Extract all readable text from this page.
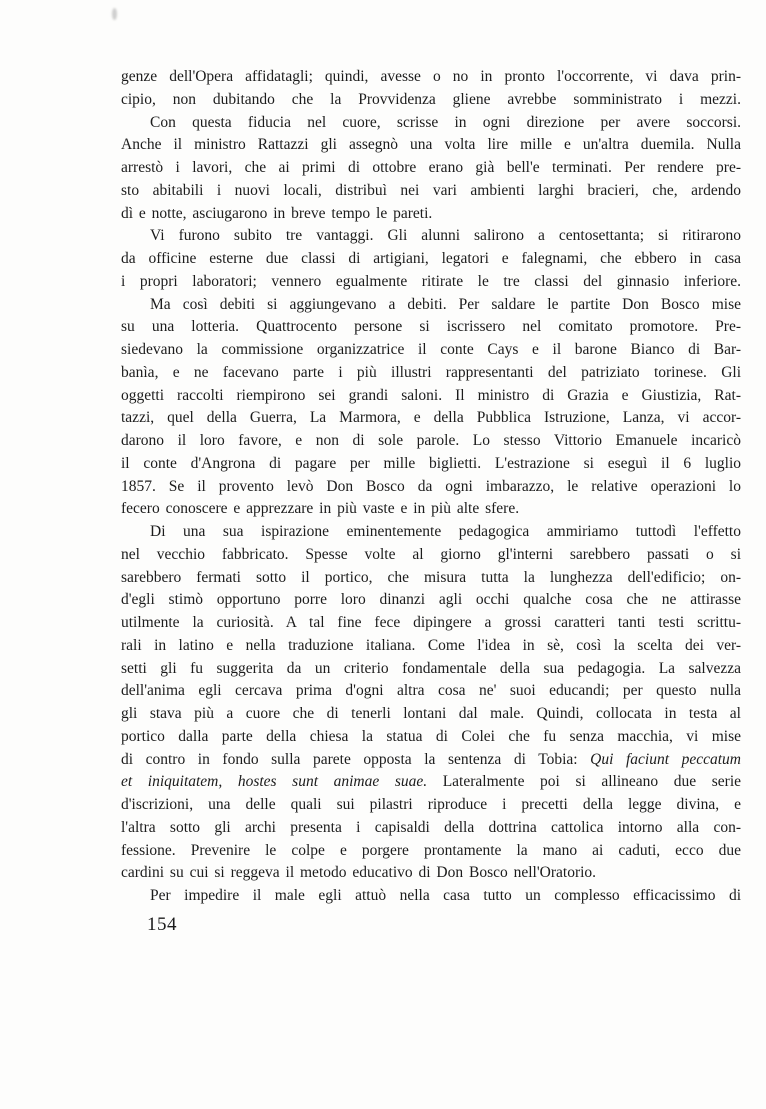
genze dell'Opera affidatagli; quindi, avesse o no in pronto l'occorrente, vi dava prin-
cipio, non dubitando che la Provvidenza gliene avrebbe somministrato i mezzi.
Con questa fiducia nel cuore, scrisse in ogni direzione per avere soccorsi.
Anche il ministro Rattazzi gli assegnò una volta lire mille e un'altra duemila. Nulla
arrestò i lavori, che ai primi di ottobre erano già bell'e terminati. Per rendere pre-
sto abitabili i nuovi locali, distribuì nei vari ambienti larghi bracieri, che, ardendo
dì e notte, asciugarono in breve tempo le pareti.
Vi furono subito tre vantaggi. Gli alunni salirono a centosettanta; si ritirarono
da officine esterne due classi di artigiani, legatori e falegnami, che ebbero in casa
i propri laboratori; vennero egualmente ritirate le tre classi del ginnasio inferiore.
Ma così debiti si aggiungevano a debiti. Per saldare le partite Don Bosco mise
su una lotteria. Quattrocento persone si iscrissero nel comitato promotore. Pre-
siedevano la commissione organizzatrice il conte Cays e il barone Bianco di Bar-
banìa, e ne facevano parte i più illustri rappresentanti del patriziato torinese. Gli
oggetti raccolti riempirono sei grandi saloni. Il ministro di Grazia e Giustizia, Rat-
tazzi, quel della Guerra, La Marmora, e della Pubblica Istruzione, Lanza, vi accor-
darono il loro favore, e non di sole parole. Lo stesso Vittorio Emanuele incaricò
il conte d'Angrona di pagare per mille biglietti. L'estrazione si eseguì il 6 luglio
1857. Se il provento levò Don Bosco da ogni imbarazzo, le relative operazioni lo
fecero conoscere e apprezzare in più vaste e in più alte sfere.
Di una sua ispirazione eminentemente pedagogica ammiriamo tuttodì l'effetto
nel vecchio fabbricato. Spesse volte al giorno gl'interni sarebbero passati o si
sarebbero fermati sotto il portico, che misura tutta la lunghezza dell'edificio; on-
d'egli stimò opportuno porre loro dinanzi agli occhi qualche cosa che ne attirasse
utilmente la curiosità. A tal fine fece dipingere a grossi caratteri tanti testi scrittu-
rali in latino e nella traduzione italiana. Come l'idea in sè, così la scelta dei ver-
setti gli fu suggerita da un criterio fondamentale della sua pedagogia. La salvezza
dell'anima egli cercava prima d'ogni altra cosa ne' suoi educandi; per questo nulla
gli stava più a cuore che di tenerli lontani dal male. Quindi, collocata in testa al
portico dalla parte della chiesa la statua di Colei che fu senza macchia, vi mise
di contro in fondo sulla parete opposta la sentenza di Tobia: Qui faciunt peccatum
et iniquitatem, hostes sunt animae suae. Lateralmente poi si allineano due serie
d'iscrizioni, una delle quali sui pilastri riproduce i precetti della legge divina, e
l'altra sotto gli archi presenta i capisaldi della dottrina cattolica intorno alla con-
fessione. Prevenire le colpe e porgere prontamente la mano ai caduti, ecco due
cardini su cui si reggeva il metodo educativo di Don Bosco nell'Oratorio.
Per impedire il male egli attuò nella casa tutto un complesso efficacissimo di
154
